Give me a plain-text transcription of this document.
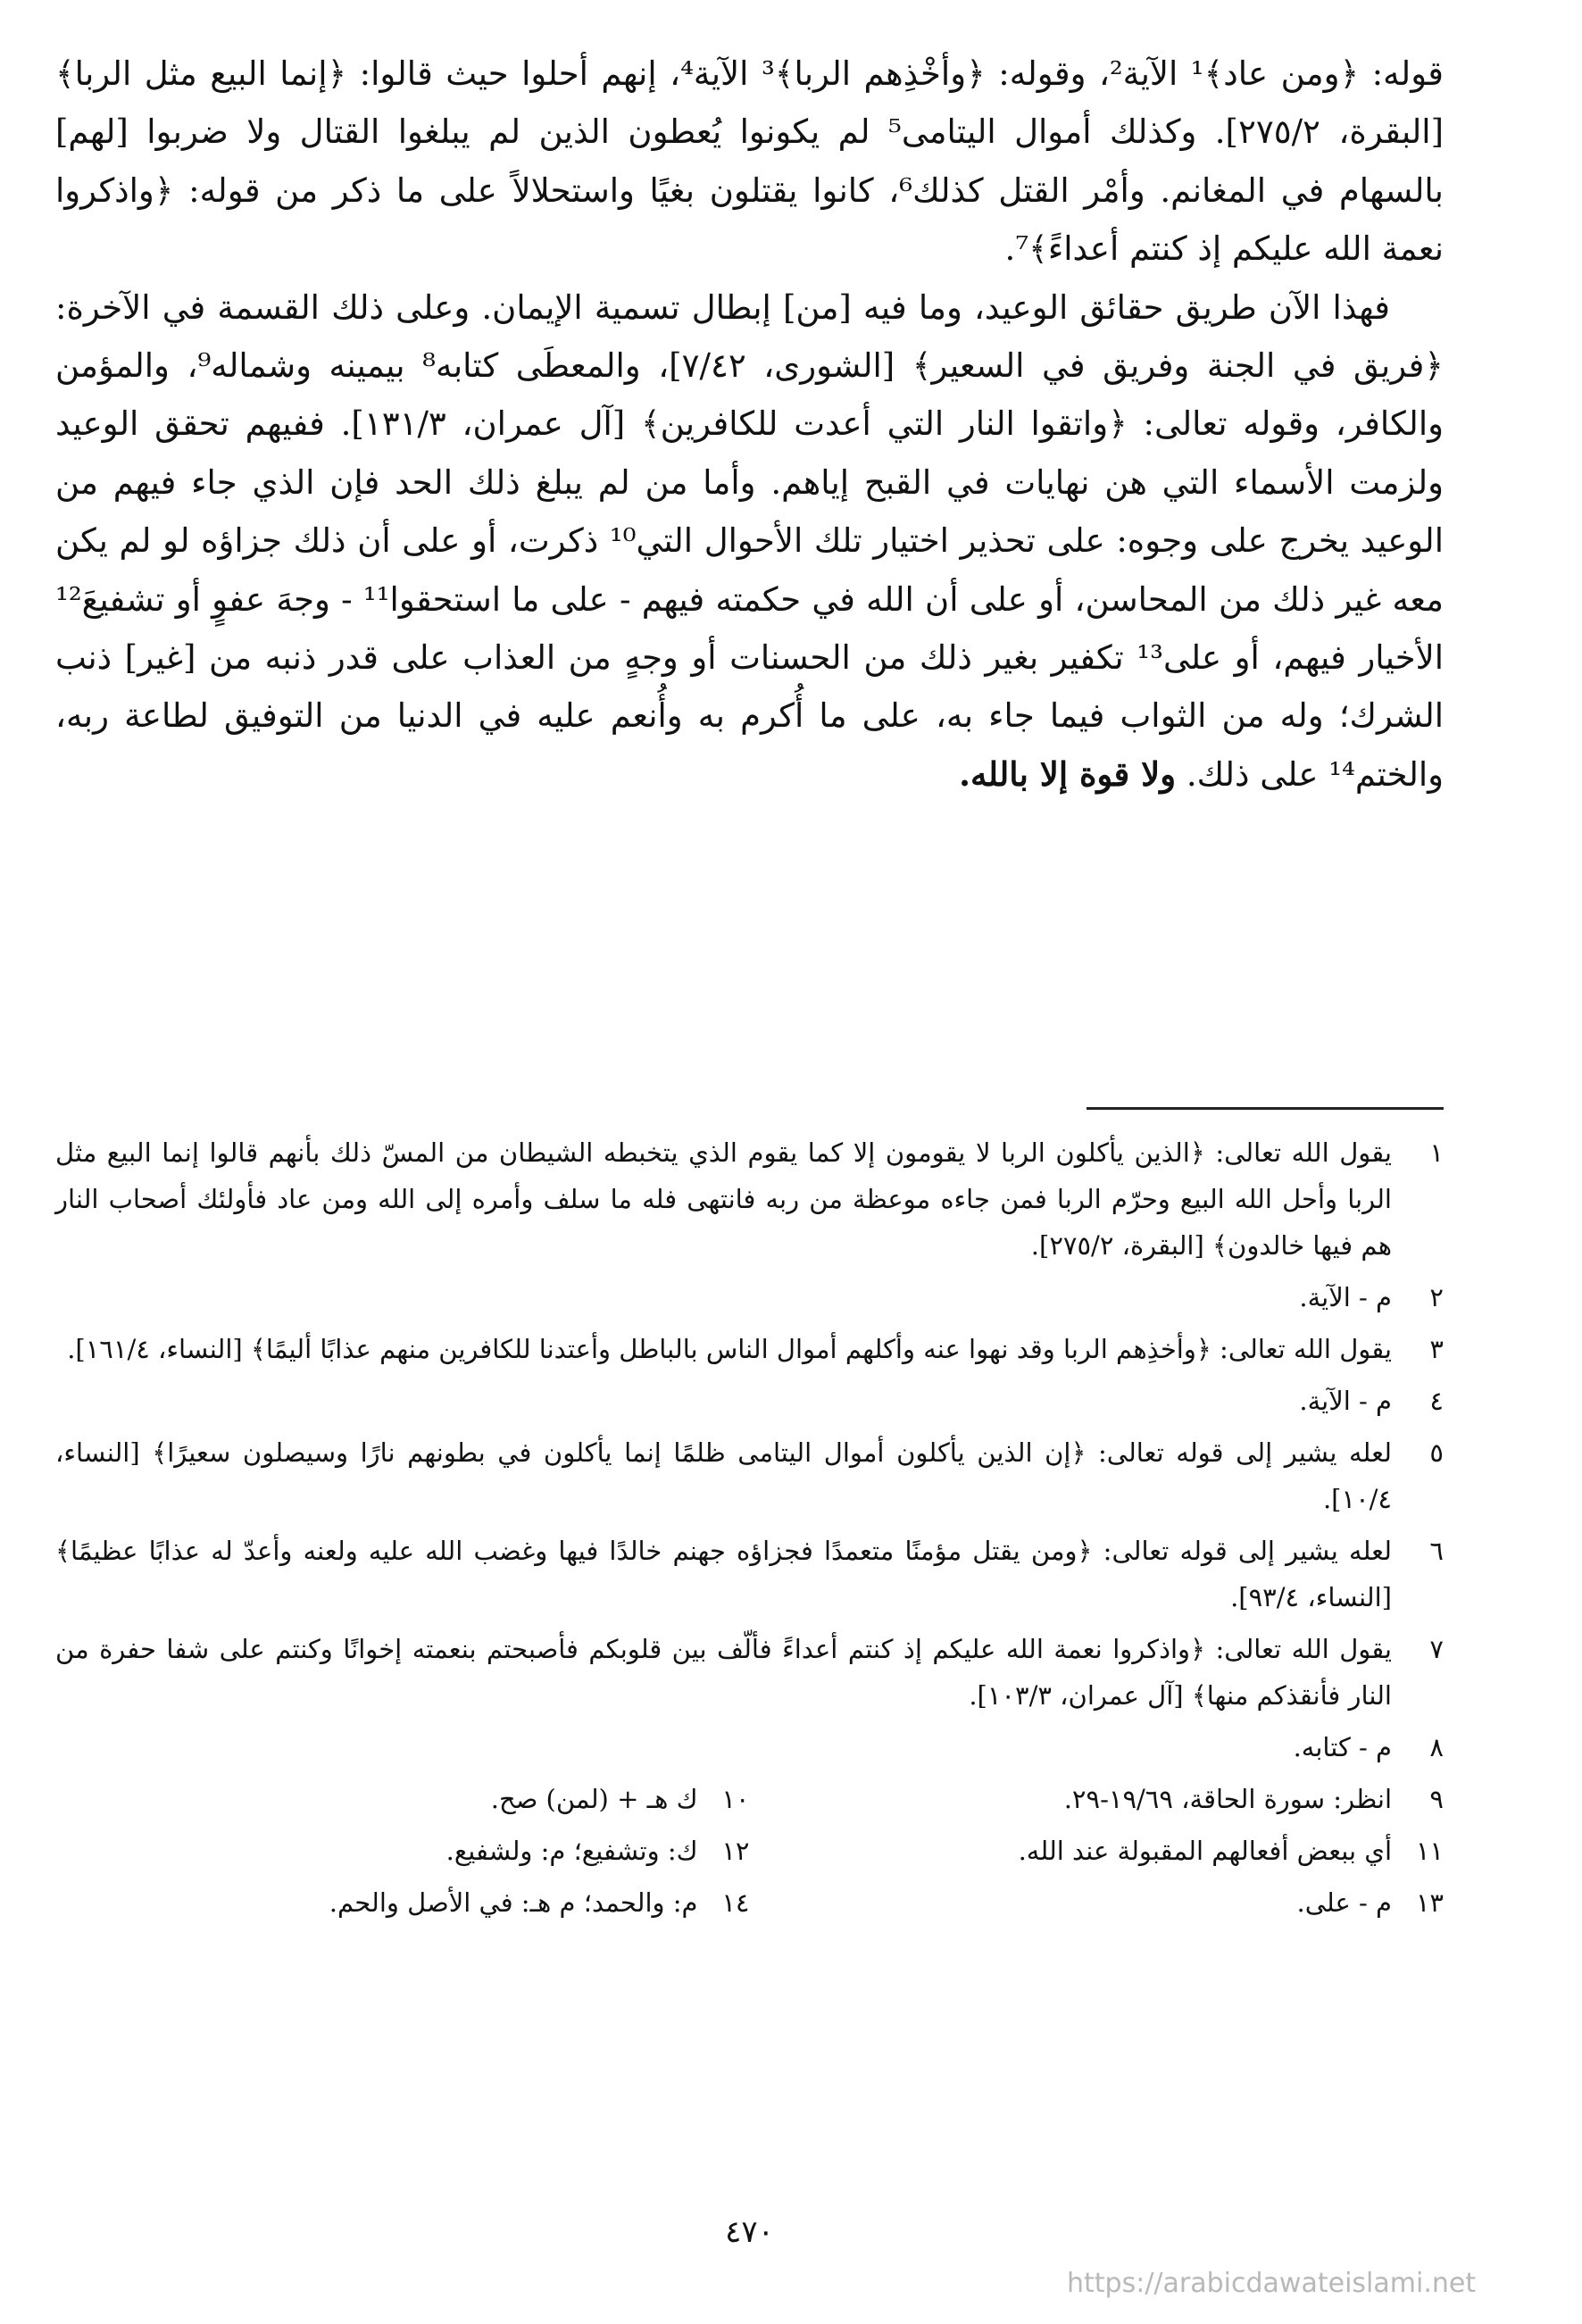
قوله: ﴿ومن عاد﴾¹ الآية²، وقوله: ﴿وأخْذِهم الربا﴾³ الآية⁴، إنهم أحلوا حيث قالوا: ﴿إنما البيع مثل الربا﴾ [البقرة، ٢٧٥/٢]. وكذلك أموال اليتامى⁵ لم يكونوا يُعطون الذين لم يبلغوا القتال ولا ضربوا [لهم] بالسهام في المغانم. وأمْر القتل كذلك⁶، كانوا يقتلون بغيًا واستحلالاً على ما ذكر من قوله: ﴿واذكروا نعمة الله عليكم إذ كنتم أعداءً﴾⁷.

فهذا الآن طريق حقائق الوعيد، وما فيه [من] إبطال تسمية الإيمان. وعلى ذلك القسمة في الآخرة: ﴿فريق في الجنة وفريق في السعير﴾ [الشورى، ٧/٤٢]، والمعطَى كتابه⁸ بيمينه وشماله⁹، والمؤمن والكافر، وقوله تعالى: ﴿واتقوا النار التي أعدت للكافرين﴾ [آل عمران، ١٣١/٣]. ففيهم تحقق الوعيد ولزمت الأسماء التي هن نهايات في القبح إياهم. وأما من لم يبلغ ذلك الحد فإن الذي جاء فيهم من الوعيد يخرج على وجوه: على تحذير اختيار تلك الأحوال التي¹⁰ ذكرت، أو على أن ذلك جزاؤه لو لم يكن معه غير ذلك من المحاسن، أو على أن الله في حكمته فيهم - على ما استحقوا¹¹ - وجهَ عفوٍ أو تشفيعَ¹² الأخيار فيهم، أو على¹³ تكفير بغير ذلك من الحسنات أو وجهٍ من العذاب على قدر ذنبه من [غير] ذنب الشرك؛ وله من الثواب فيما جاء به، على ما أُكرم به وأُنعم عليه في الدنيا من التوفيق لطاعة ربه، والختم¹⁴ على ذلك. ولا قوة إلا بالله.

١
يقول الله تعالى: ﴿الذين يأكلون الربا لا يقومون إلا كما يقوم الذي يتخبطه الشيطان من المسّ ذلك بأنهم قالوا إنما البيع مثل الربا وأحل الله البيع وحرّم الربا فمن جاءه موعظة من ربه فانتهى فله ما سلف وأمره إلى الله ومن عاد فأولئك أصحاب النار هم فيها خالدون﴾ [البقرة، ٢٧٥/٢].
٢
م - الآية.
٣
يقول الله تعالى: ﴿وأخذِهم الربا وقد نهوا عنه وأكلهم أموال الناس بالباطل وأعتدنا للكافرين منهم عذابًا أليمًا﴾ [النساء، ١٦١/٤].
٤
م - الآية.
٥
لعله يشير إلى قوله تعالى: ﴿إن الذين يأكلون أموال اليتامى ظلمًا إنما يأكلون في بطونهم نارًا وسيصلون سعيرًا﴾ [النساء، ١٠/٤].
٦
لعله يشير إلى قوله تعالى: ﴿ومن يقتل مؤمنًا متعمدًا فجزاؤه جهنم خالدًا فيها وغضب الله عليه ولعنه وأعدّ له عذابًا عظيمًا﴾ [النساء، ٩٣/٤].
٧
يقول الله تعالى: ﴿واذكروا نعمة الله عليكم إذ كنتم أعداءً فألّف بين قلوبكم فأصبحتم بنعمته إخوانًا وكنتم على شفا حفرة من النار فأنقذكم منها﴾ [آل عمران، ١٠٣/٣].
٨
م - كتابه.
٩
انظر: سورة الحاقة، ١٩/٦٩-٢٩.
١٠
ك هـ + (لمن) صح.
١١
أي ببعض أفعالهم المقبولة عند الله.
١٢
ك: وتشفيع؛ م: ولشفيع.
١٣
م - على.
١٤
م: والحمد؛ م هـ: في الأصل والحم.
٤٧٠
https://arabicdawateislami.net
